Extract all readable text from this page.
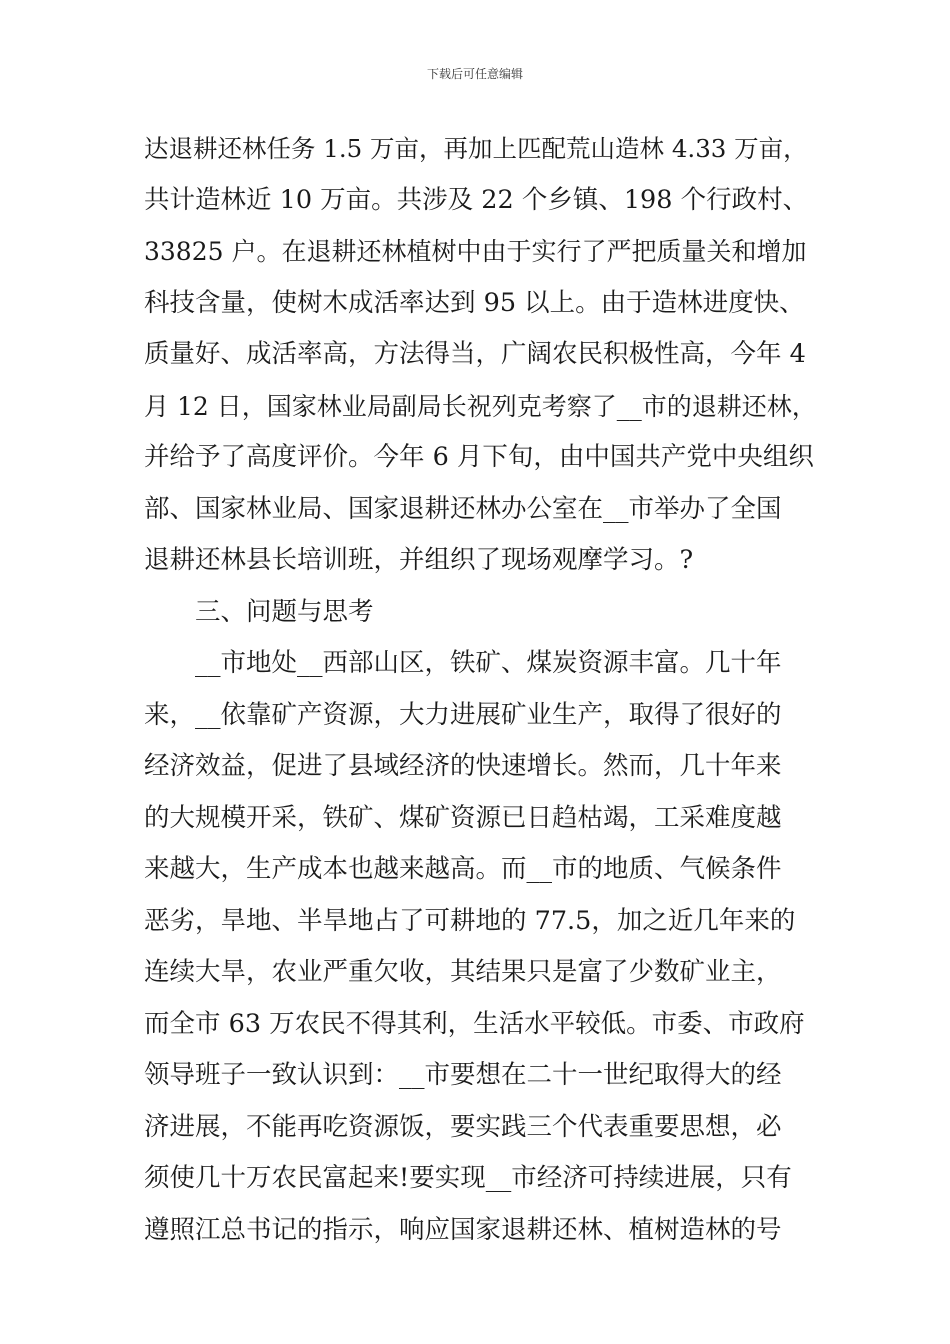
下载后可任意编辑
达退耕还林任务 1.5 万亩，再加上匹配荒山造林 4.33 万亩，
共计造林近 10 万亩。共涉及 22 个乡镇、198 个行政村、
33825 户。在退耕还林植树中由于实行了严把质量关和增加
科技含量，使树木成活率达到 95 以上。由于造林进度快、
质量好、成活率高，方法得当，广阔农民积极性高，今年 4
月 12 日，国家林业局副局长祝列克考察了__市的退耕还林，
并给予了高度评价。今年 6 月下旬，由中国共产党中央组织
部、国家林业局、国家退耕还林办公室在__市举办了全国
退耕还林县长培训班，并组织了现场观摩学习。?
三、问题与思考
__市地处__西部山区，铁矿、煤炭资源丰富。几十年
来，__依靠矿产资源，大力进展矿业生产，取得了很好的
经济效益，促进了县域经济的快速增长。然而，几十年来
的大规模开采，铁矿、煤矿资源已日趋枯竭，工采难度越
来越大，生产成本也越来越高。而__市的地质、气候条件
恶劣，旱地、半旱地占了可耕地的 77.5，加之近几年来的
连续大旱，农业严重欠收，其结果只是富了少数矿业主，
而全市 63 万农民不得其利，生活水平较低。市委、市政府
领导班子一致认识到：__市要想在二十一世纪取得大的经
济进展，不能再吃资源饭，要实践三个代表重要思想，必
须使几十万农民富起来!要实现__市经济可持续进展，只有
遵照江总书记的指示，响应国家退耕还林、植树造林的号
